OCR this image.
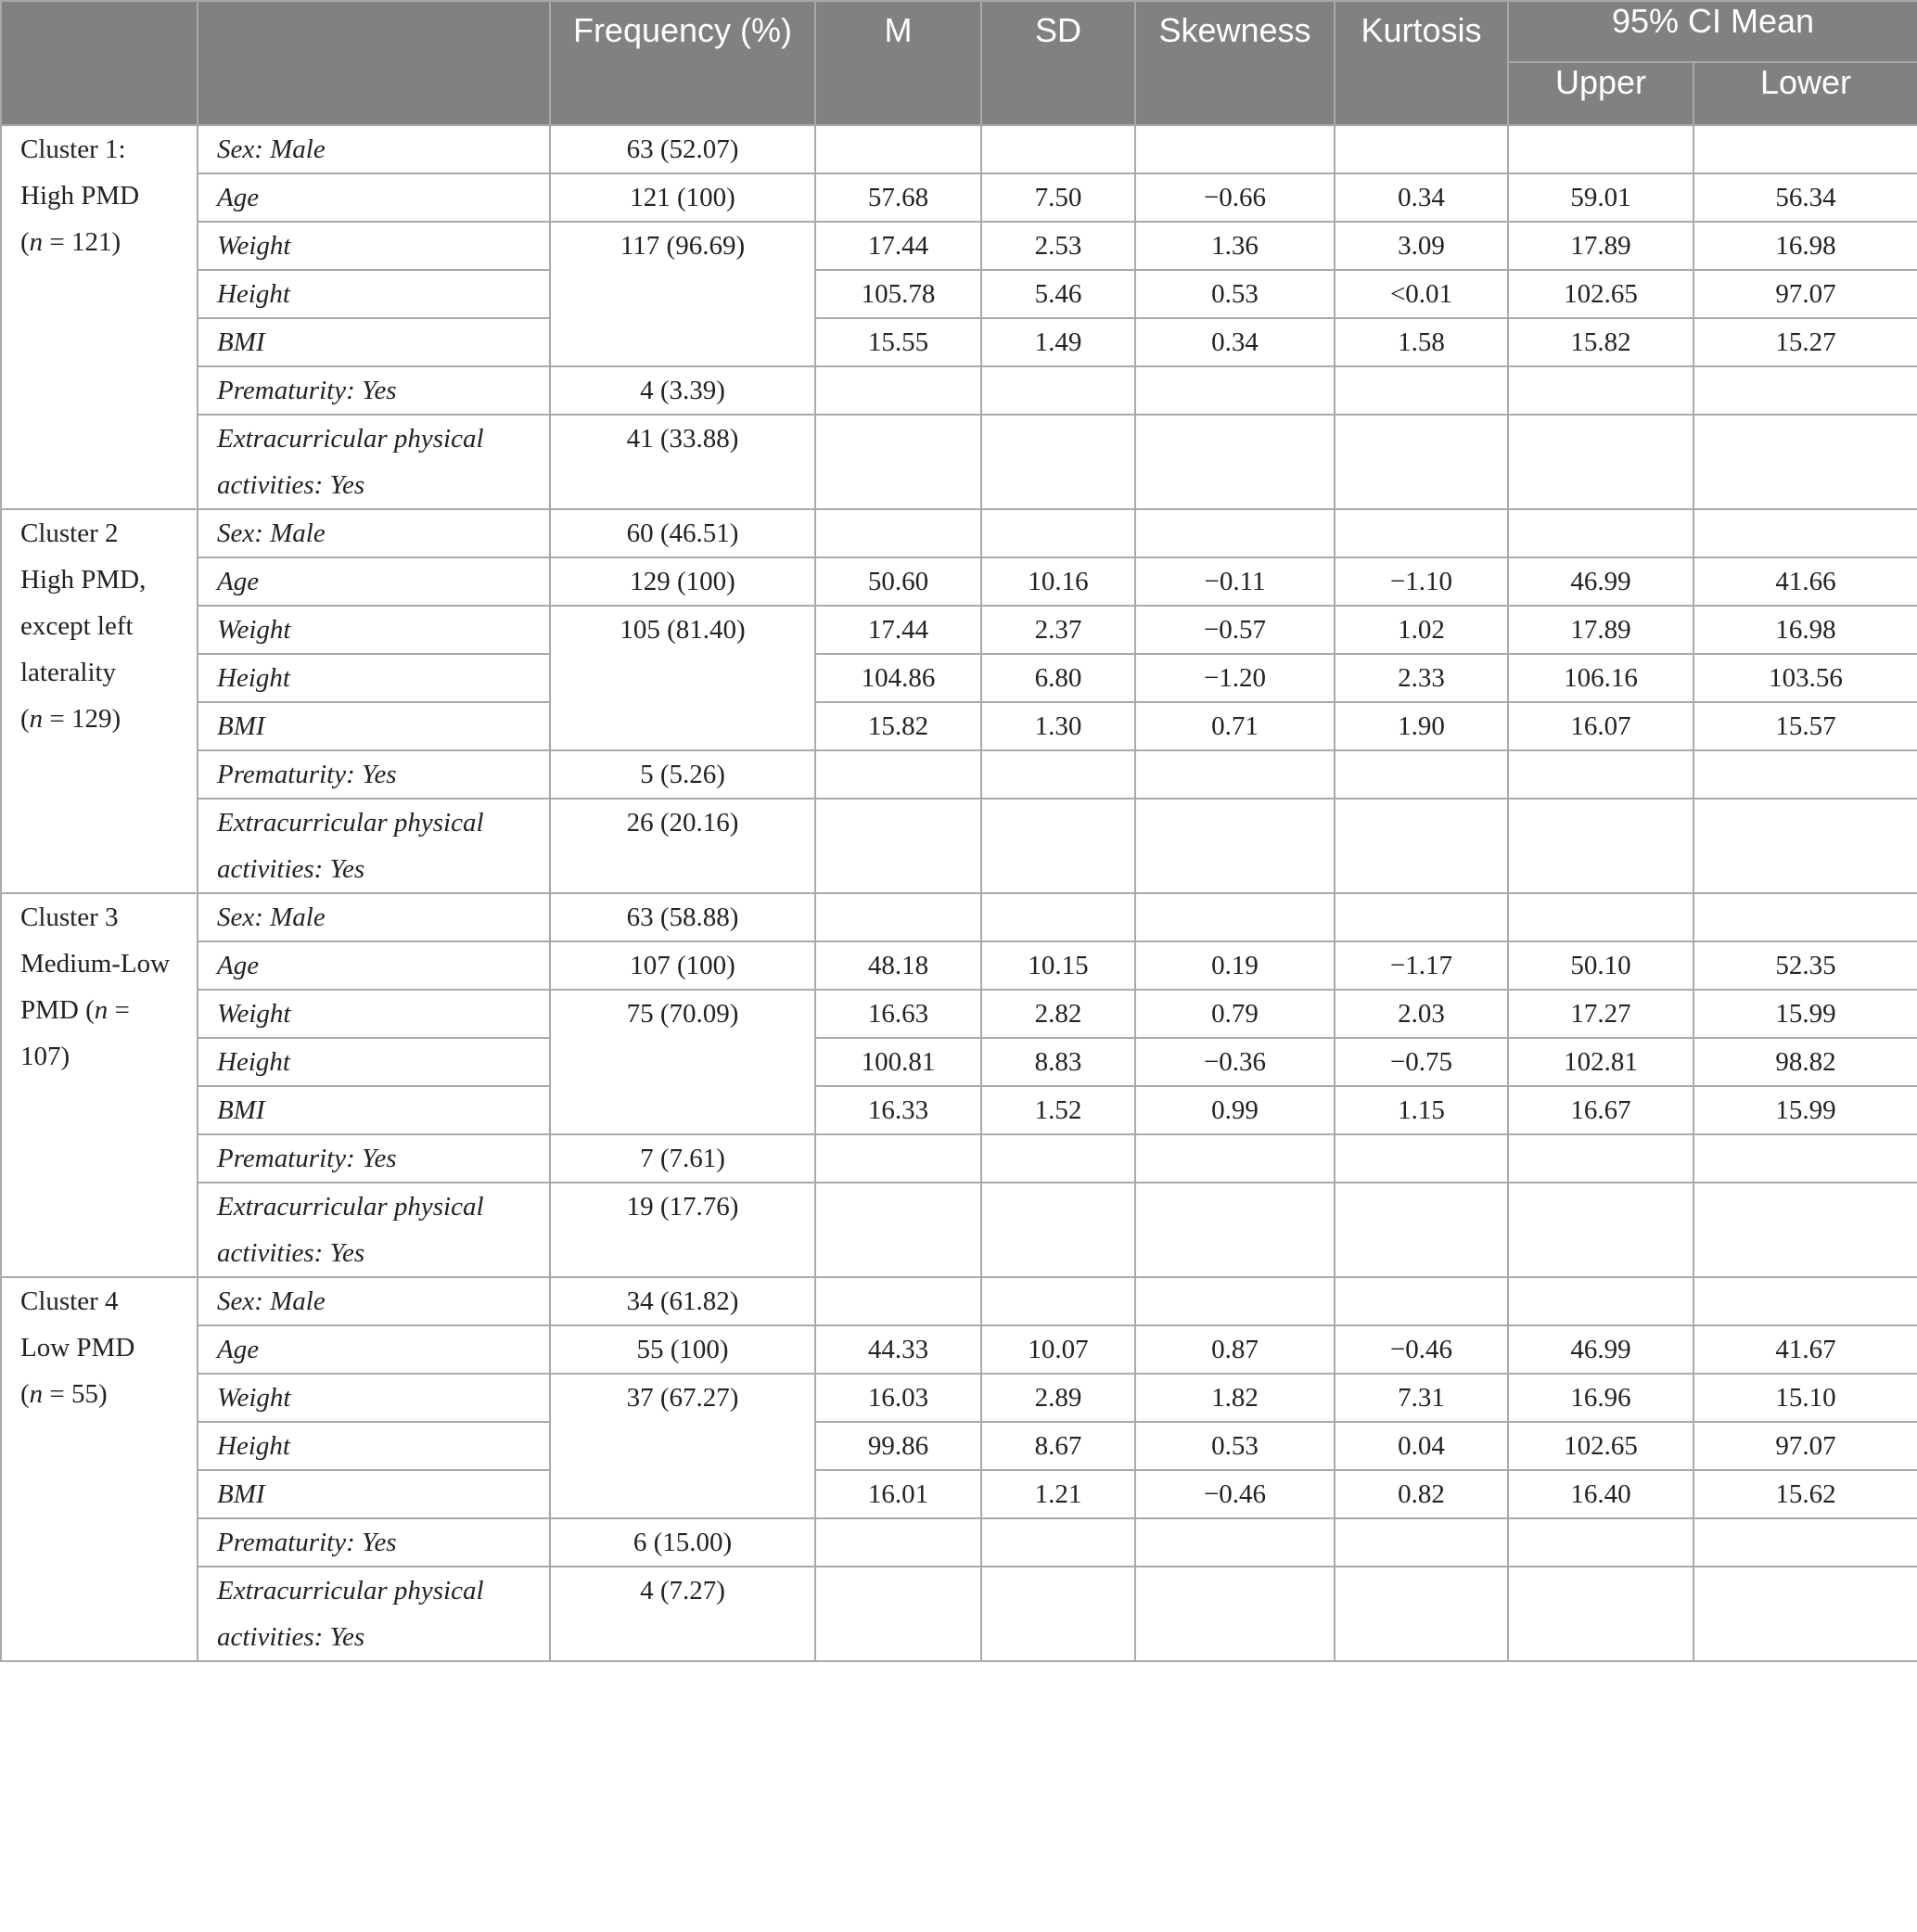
		Frequency (%)	M	SD	Skewness	Kurtosis	95% CI Mean	
							Upper	Lower

Cluster 1:
High PMD
(n = 121)	Sex: Male	63 (52.07)						
	Age	121 (100)	57.68	7.50	−0.66	0.34	59.01	56.34
	Weight	117 (96.69)	17.44	2.53	1.36	3.09	17.89	16.98
	Height		105.78	5.46	0.53	<0.01	102.65	97.07
	BMI		15.55	1.49	0.34	1.58	15.82	15.27
	Prematurity: Yes	4 (3.39)						

	Extracurricular physical
activities: Yes	41 (33.88)						

Cluster 2
High PMD,
except left
laterality
(n = 129)	Sex: Male	60 (46.51)						
	Age	129 (100)	50.60	10.16	−0.11	−1.10	46.99	41.66
	Weight	105 (81.40)	17.44	2.37	−0.57	1.02	17.89	16.98
	Height		104.86	6.80	−1.20	2.33	106.16	103.56
	BMI		15.82	1.30	0.71	1.90	16.07	15.57
	Prematurity: Yes	5 (5.26)						

	Extracurricular physical
activities: Yes	26 (20.16)						

Cluster 3
Medium-Low
PMD (n = 107)	Sex: Male	63 (58.88)						
	Age	107 (100)	48.18	10.15	0.19	−1.17	50.10	52.35
	Weight	75 (70.09)	16.63	2.82	0.79	2.03	17.27	15.99
	Height		100.81	8.83	−0.36	−0.75	102.81	98.82
	BMI		16.33	1.52	0.99	1.15	16.67	15.99
	Prematurity: Yes	7 (7.61)						

	Extracurricular physical
activities: Yes	19 (17.76)						

Cluster 4
Low PMD
(n = 55)	Sex: Male	34 (61.82)						
	Age	55 (100)	44.33	10.07	0.87	−0.46	46.99	41.67
	Weight	37 (67.27)	16.03	2.89	1.82	7.31	16.96	15.10
	Height		99.86	8.67	0.53	0.04	102.65	97.07
	BMI		16.01	1.21	−0.46	0.82	16.40	15.62
	Prematurity: Yes	6 (15.00)						

	Extracurricular physical
activities: Yes	4 (7.27)						
